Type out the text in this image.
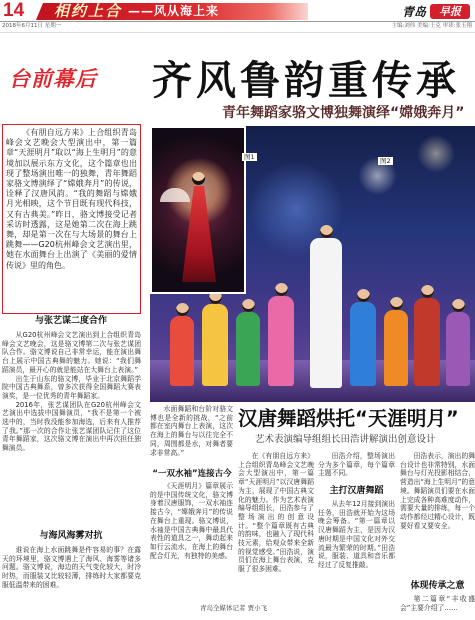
14 相约上合 ——风从海上来	青岛	早报
2018年6月11日 星期一	主编:刘伟 美编:王克 审读:张玉翔
台前幕后 齐风鲁韵重传承
青年舞蹈家骆文博独舞演绎“嫦娥奔月”

《有朋自远方来》上合组织青岛峰会文艺晚会大型演出中，第一篇章“天涯明月”取以“海上生明月”的意境加以展示东方文化，这个篇章也出现了整场演出唯一的独舞，青年舞蹈家骆文博演绎了“嫦娥奔月”的传说，诠释了汉唐风韵。“我的舞蹈与嫦娥月光相映，这个节目既有现代科技，又有古典美。”昨日，骆文博接受记者采访时透露，这是她第二次在海上跳舞，却是第一次在与大场景的舞台上跳舞——G20杭州峰会文艺演出里，她在水面舞台上出演了《美丽的爱情传说》里的角色。

与张艺谋二度合作

从G20杭州峰会文艺演出到上合组织青岛峰会文艺晚会，这是骆文博第二次与张艺谋团队合作。骆文博说自己非常幸运，能在演出舞台上展示中国古典舞的魅力。她说：“我们舞蹈演员，最开心的就是能站在大舞台上表演。”

出生于山东的骆文博，毕业于北京舞蹈学院中国古典舞系，曾多次获得全国舞蹈大赛表演奖，是一位优秀的青年舞蹈家。

2016年，张艺谋团队在G20杭州峰会文艺演出中选拔中国舞演员，“我不是第一个被选中的，当时我没能参加海选，后来有人推荐了我。”那一次的合作让张艺谋团队记住了这位青年舞蹈家，这次骆文博在演出中再次担任独舞演员。

与海风海雾对抗

谁说在海上水面跳舞是件容易的事？在露天的环境里，骆文博遇上了海风、海雾等诸多问题。骆文博说，海边的天气变化较大，时冷时热，而服装又比较轻薄，排练时大家都要克服低温带来的困难。

图1	图2

水面舞蹈和台阶对骆文博也是全新的挑战，“之前都在室内舞台上表演，这次在海上的舞台与以往完全不同，周围都是水，对舞者要求非常高。”

“一双水袖”连接古今

《天涯明月》篇章展示的是中国传统文化，骆文博身着汉唐服饰，一双水袖连接古今，“嫦娥奔月”的传说在舞台上重现。骆文博说，水袖是中国古典舞中最具代表性的道具之一，舞动起来如行云流水，在海上的舞台配合灯光，有独特的美感。

汉唐舞蹈烘托“天涯明月”
艺术表演编导组组长田浩讲解演出创意设计

在《有朋自远方来》上合组织青岛峰会文艺晚会大型演出中，第一篇章“天涯明月”以汉唐舞蹈为主，展现了中国古典文化的魅力。作为艺术表演编导组组长，田浩参与了整场演出的创意设计。“整个篇章既有古典的韵味，也融入了现代科技元素，给观众带来全新的视觉感受。”田浩说，演员们在海上舞台表演，克服了很多困难。

田浩介绍，整场演出分为多个篇章，每个篇章主题不同。

主打汉唐舞蹈

从去年12月接到演出任务，田浩就开始为这场晚会筹备。“第一篇章以汉唐舞蹈为主，是因为汉唐时期是中国文化对外交流最为繁荣的时期。”田浩说，服装、道具和音乐都经过了反复推敲。

田浩表示，演出的舞台设计也非常特别，水面舞台与灯光投影相结合，营造出“海上生明月”的意境。舞蹈演员们要在水面上完成各种高难度动作，需要大量的排练，每一个动作都经过精心设计，既要好看又要安全。

体现传承之意

第二篇章“丰收盛会”主要介绍了……

青岛全媒体记者 贾小飞
